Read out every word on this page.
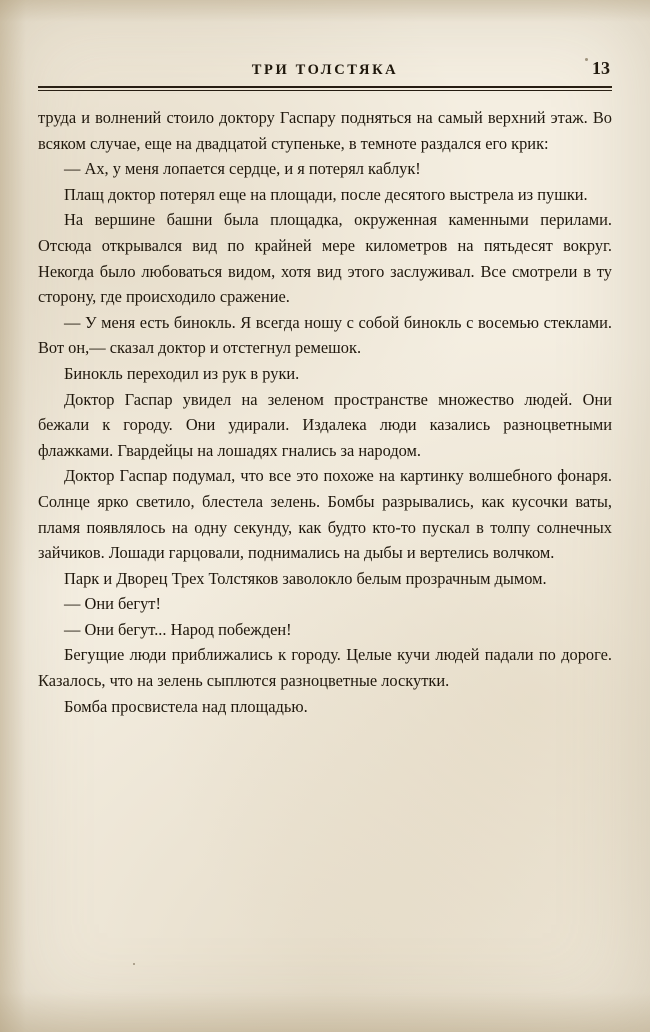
ТРИ ТОЛСТЯКА	13

труда и волнений стоило доктору Гаспару подняться на самый верхний этаж. Во всяком случае, еще на двадцатой ступеньке, в темноте раздался его крик:

— Ах, у меня лопается сердце, и я потерял каблук!

Плащ доктор потерял еще на площади, после десятого выстрела из пушки.

На вершине башни была площадка, окруженная каменными перилами. Отсюда открывался вид по крайней мере километров на пятьдесят вокруг. Некогда было любоваться видом, хотя вид этого заслуживал. Все смотрели в ту сторону, где происходило сражение.

— У меня есть бинокль. Я всегда ношу с собой бинокль с восемью стеклами. Вот он,— сказал доктор и отстегнул ремешок.

Бинокль переходил из рук в руки.

Доктор Гаспар увидел на зеленом пространстве множество людей. Они бежали к городу. Они удирали. Издалека люди казались разноцветными флажками. Гвардейцы на лошадях гнались за народом.

Доктор Гаспар подумал, что все это похоже на картинку волшебного фонаря. Солнце ярко светило, блестела зелень. Бомбы разрывались, как кусочки ваты, пламя появлялось на одну секунду, как будто кто-то пускал в толпу солнечных зайчиков. Лошади гарцовали, поднимались на дыбы и вертелись волчком.

Парк и Дворец Трех Толстяков заволокло белым прозрачным дымом.

— Они бегут!

— Они бегут... Народ побежден!

Бегущие люди приближались к городу. Целые кучи людей падали по дороге. Казалось, что на зелень сыплются разноцветные лоскутки.

Бомба просвистела над площадью.
